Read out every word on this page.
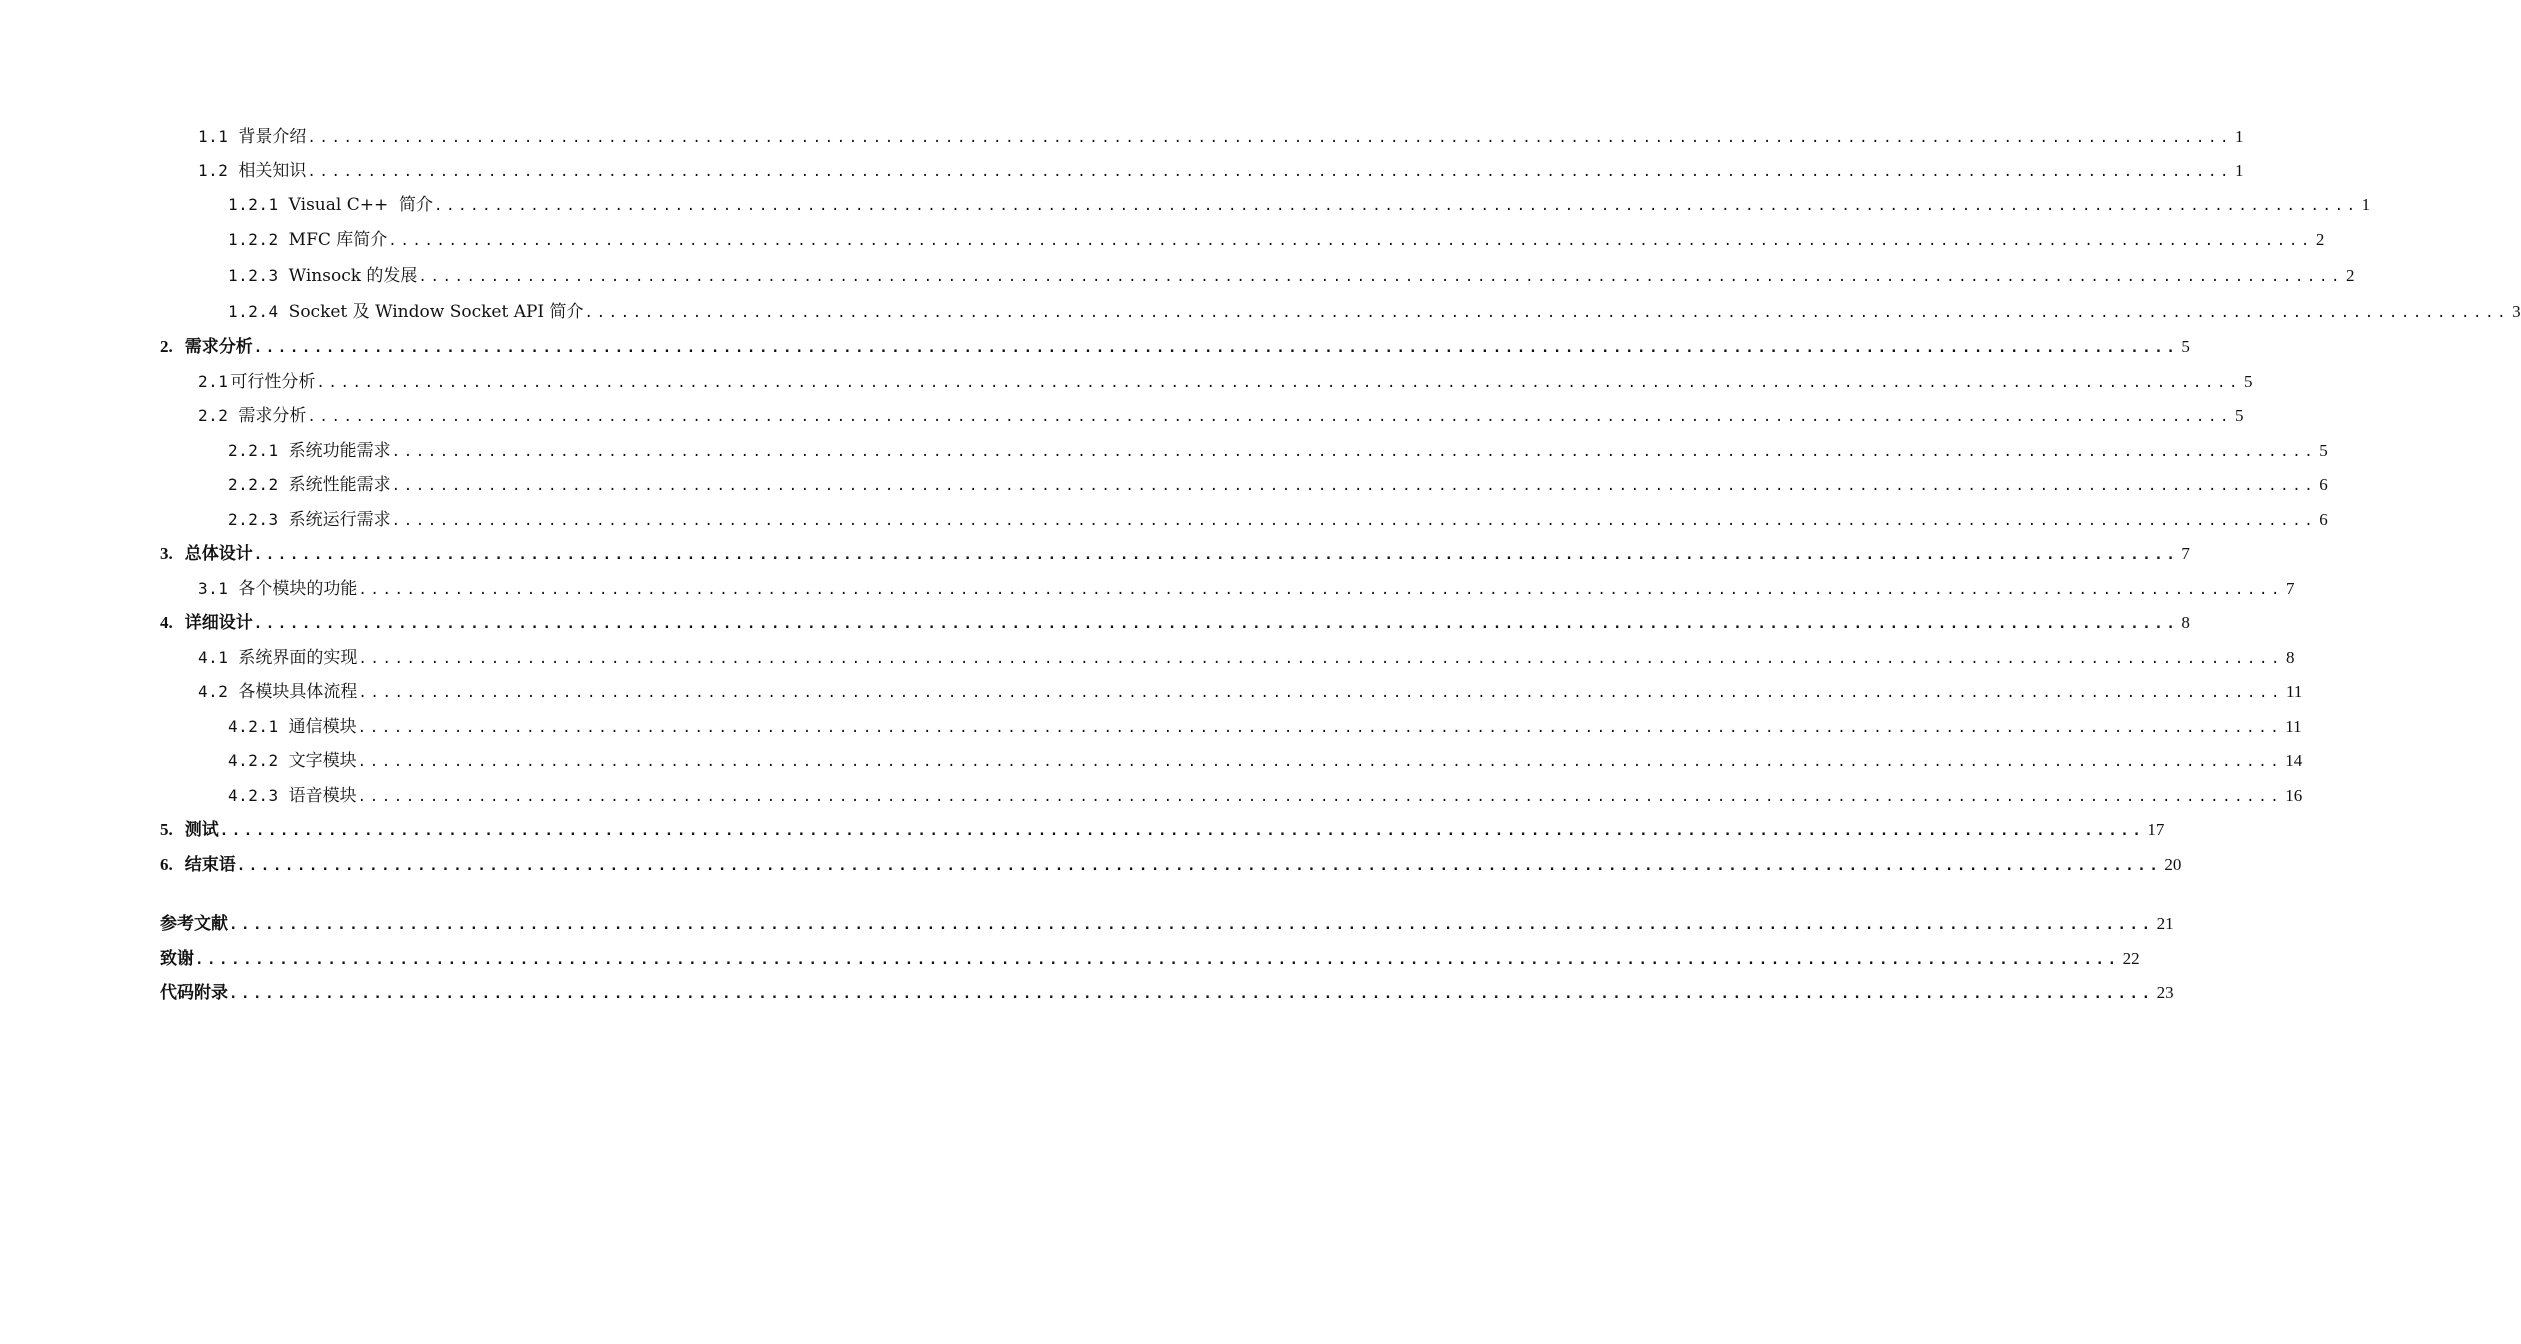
1.1 背景介绍 ................................................................................................................................................................ 1
1.2 相关知识 ................................................................................................................................................................ 1
1.2.1 Visual C++  简介 ................................................................................................................................................................ 1
1.2.2 MFC 库简介 ................................................................................................................................................................ 2
1.2.3 Winsock 的发展 ................................................................................................................................................................ 2
1.2.4 Socket 及 Window Socket API 简介 ................................................................................................................................................................ 3
2. 需求分析 ................................................................................................................................................................ 5
2.1 可行性分析 ................................................................................................................................................................ 5
2.2 需求分析 ................................................................................................................................................................ 5
2.2.1 系统功能需求 ................................................................................................................................................................ 5
2.2.2 系统性能需求 ................................................................................................................................................................ 6
2.2.3 系统运行需求 ................................................................................................................................................................ 6
3. 总体设计 ................................................................................................................................................................ 7
3.1 各个模块的功能 ................................................................................................................................................................ 7
4. 详细设计 ................................................................................................................................................................ 8
4.1 系统界面的实现 ................................................................................................................................................................ 8
4.2 各模块具体流程 ................................................................................................................................................................ 11
4.2.1 通信模块 ................................................................................................................................................................ 11
4.2.2 文字模块 ................................................................................................................................................................ 14
4.2.3 语音模块 ................................................................................................................................................................ 16
5. 测试 ................................................................................................................................................................ 17
6. 结束语 ................................................................................................................................................................ 20
参考文献 ................................................................................................................................................................ 21
致谢 ................................................................................................................................................................ 22
代码附录 ................................................................................................................................................................ 23
